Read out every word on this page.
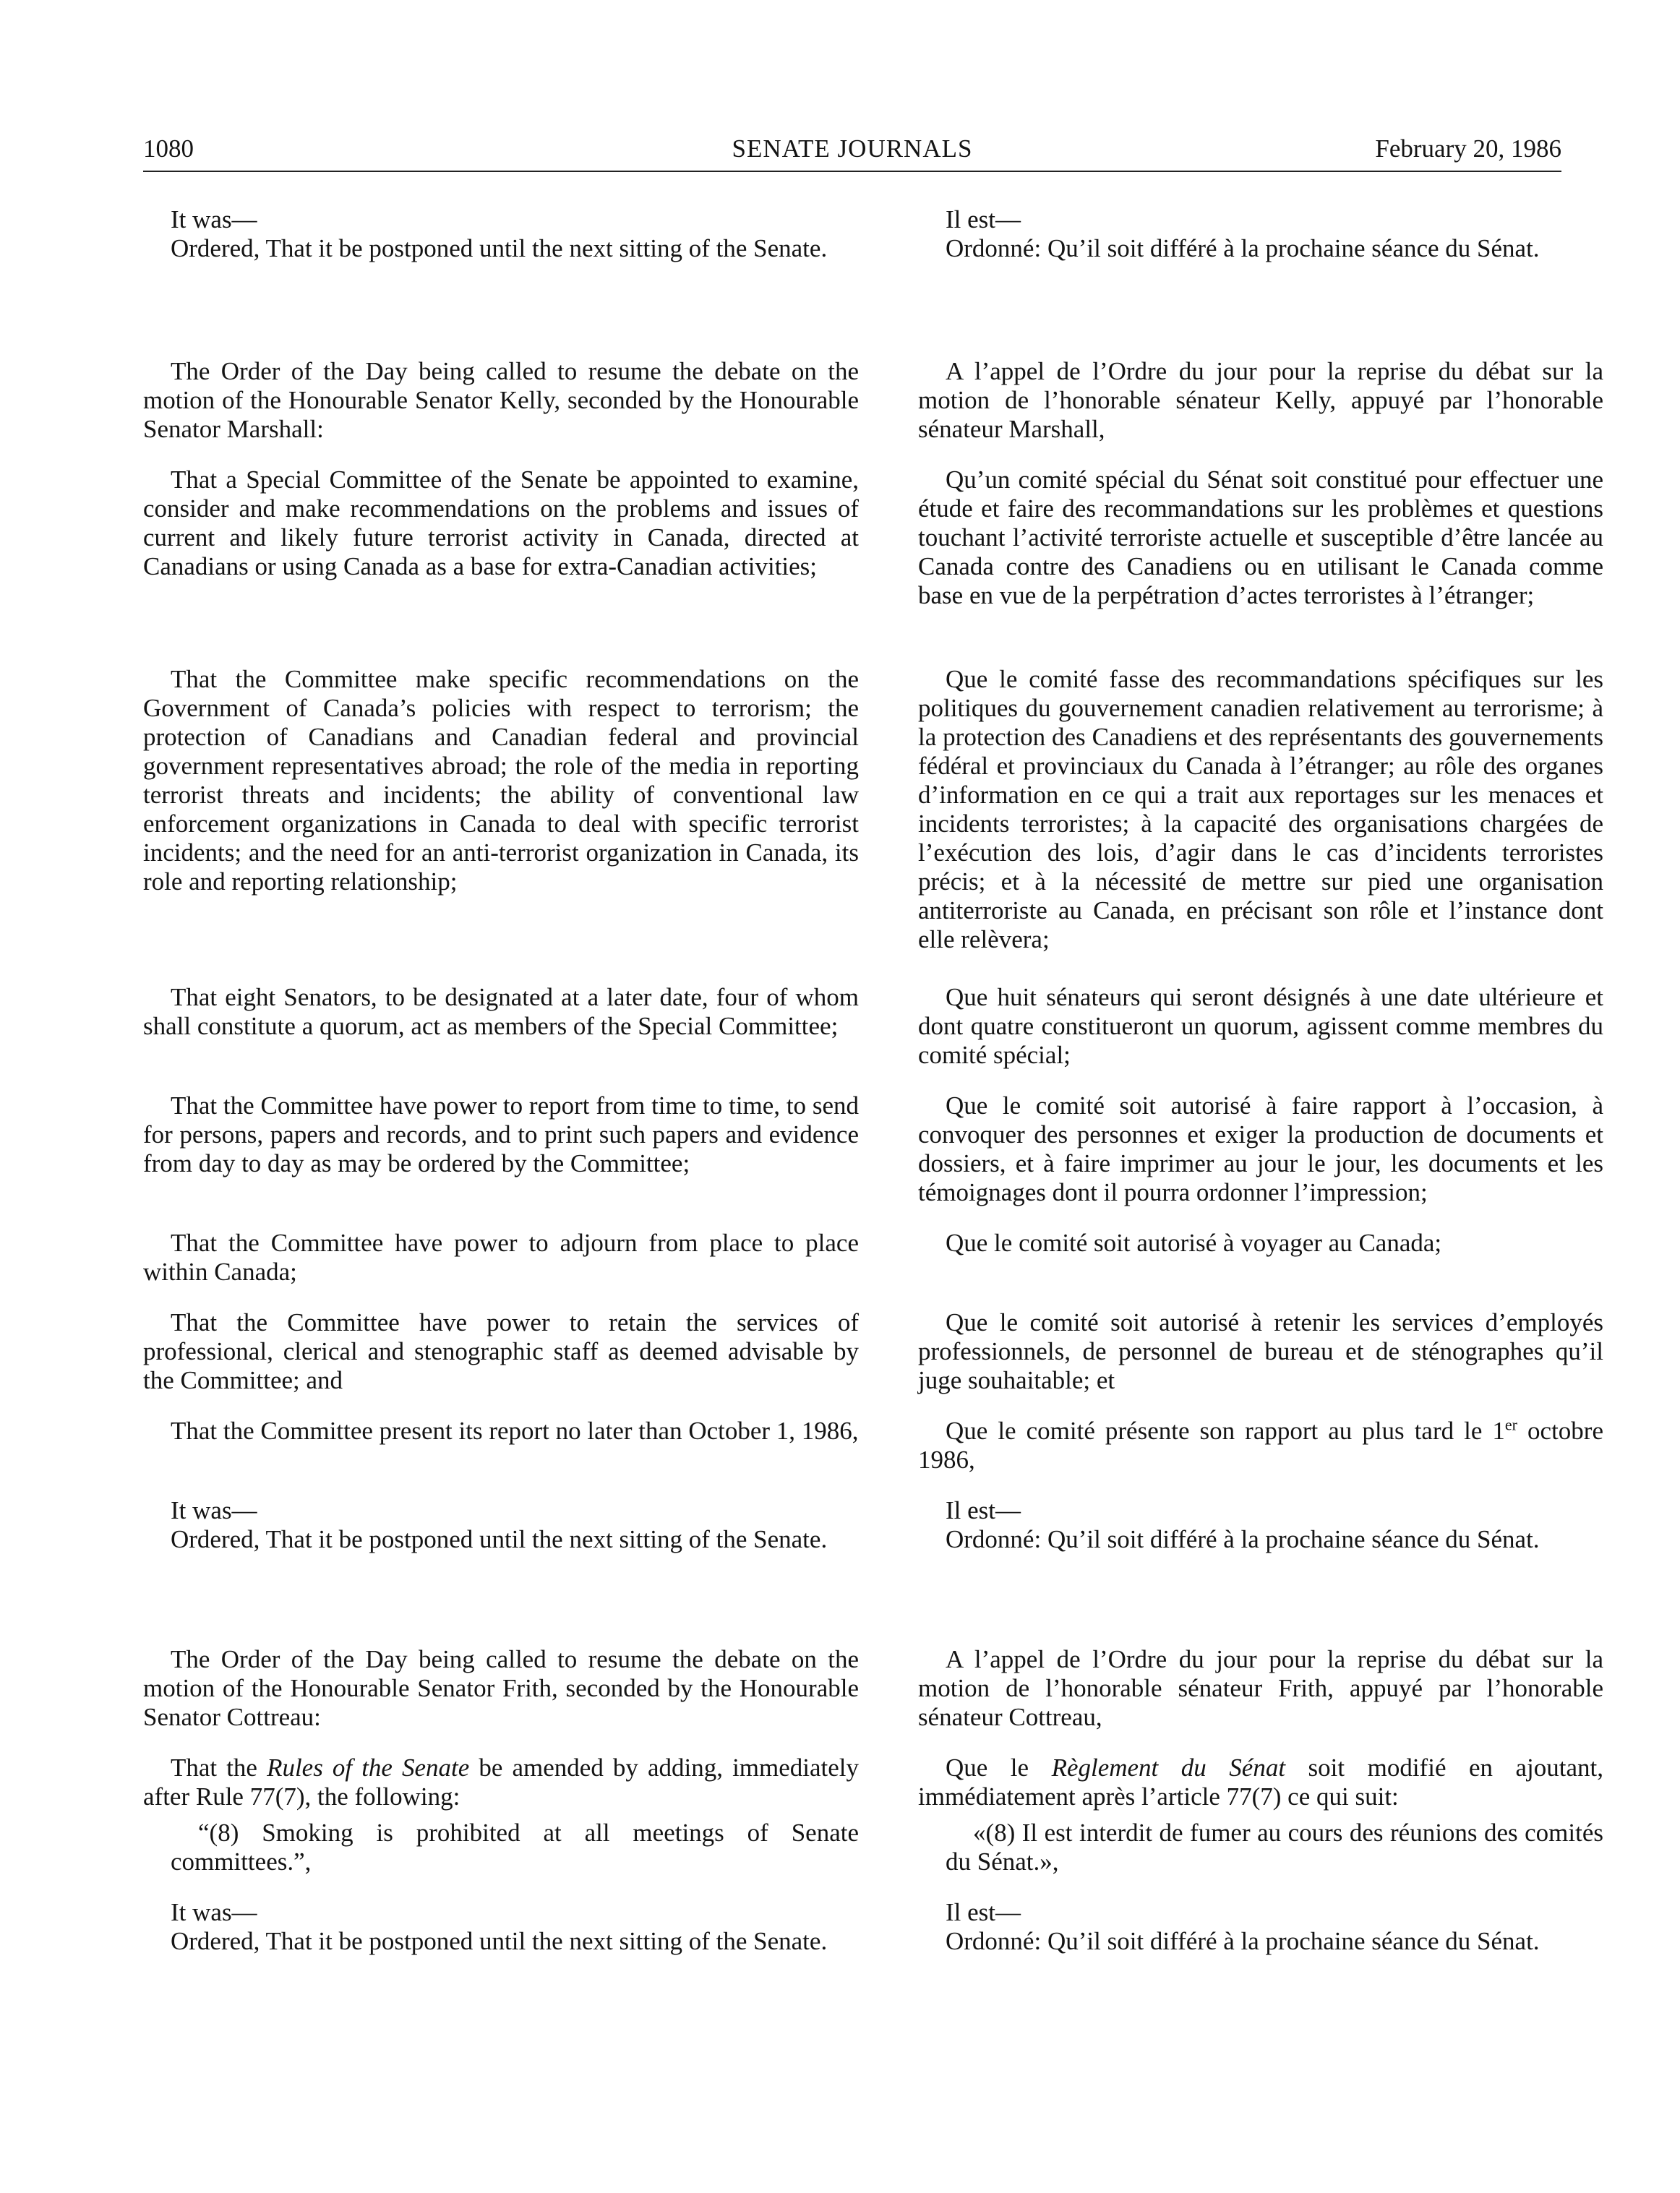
1080	SENATE JOURNALS	February 20, 1986

It was—

Ordered, That it be postponed until the next sitting of the Senate.

The Order of the Day being called to resume the debate on the motion of the Honourable Senator Kelly, seconded by the Honourable Senator Marshall:

That a Special Committee of the Senate be appointed to examine, consider and make recommendations on the problems and issues of current and likely future terrorist activity in Canada, directed at Canadians or using Canada as a base for extra-Canadian activities;

That the Committee make specific recommendations on the Government of Canada’s policies with respect to terrorism; the protection of Canadians and Canadian federal and provincial government representatives abroad; the role of the media in reporting terrorist threats and incidents; the ability of conventional law enforcement organizations in Canada to deal with specific terrorist incidents; and the need for an anti-terrorist organization in Canada, its role and reporting relationship;

That eight Senators, to be designated at a later date, four of whom shall constitute a quorum, act as members of the Special Committee;

That the Committee have power to report from time to time, to send for persons, papers and records, and to print such papers and evidence from day to day as may be ordered by the Committee;

That the Committee have power to adjourn from place to place within Canada;

That the Committee have power to retain the services of professional, clerical and stenographic staff as deemed advisable by the Committee; and

That the Committee present its report no later than October 1, 1986,

It was—

Ordered, That it be postponed until the next sitting of the Senate.

The Order of the Day being called to resume the debate on the motion of the Honourable Senator Frith, seconded by the Honourable Senator Cottreau:

That the Rules of the Senate be amended by adding, immediately after Rule 77(7), the following:

“(8) Smoking is prohibited at all meetings of Senate committees.”,

It was—

Ordered, That it be postponed until the next sitting of the Senate.

Il est—

Ordonné: Qu’il soit différé à la prochaine séance du Sénat.

A l’appel de l’Ordre du jour pour la reprise du débat sur la motion de l’honorable sénateur Kelly, appuyé par l’honorable sénateur Marshall,

Qu’un comité spécial du Sénat soit constitué pour effectuer une étude et faire des recommandations sur les problèmes et questions touchant l’activité terroriste actuelle et susceptible d’être lancée au Canada contre des Canadiens ou en utilisant le Canada comme base en vue de la perpétration d’actes terroristes à l’étranger;

Que le comité fasse des recommandations spécifiques sur les politiques du gouvernement canadien relativement au terrorisme; à la protection des Canadiens et des représentants des gouvernements fédéral et provinciaux du Canada à l’étranger; au rôle des organes d’information en ce qui a trait aux reportages sur les menaces et incidents terroristes; à la capacité des organisations chargées de l’exécution des lois, d’agir dans le cas d’incidents terroristes précis; et à la nécessité de mettre sur pied une organisation antiterroriste au Canada, en précisant son rôle et l’instance dont elle relèvera;

Que huit sénateurs qui seront désignés à une date ultérieure et dont quatre constitueront un quorum, agissent comme membres du comité spécial;

Que le comité soit autorisé à faire rapport à l’occasion, à convoquer des personnes et exiger la production de documents et dossiers, et à faire imprimer au jour le jour, les documents et les témoignages dont il pourra ordonner l’impression;

Que le comité soit autorisé à voyager au Canada;

Que le comité soit autorisé à retenir les services d’employés professionnels, de personnel de bureau et de sténographes qu’il juge souhaitable; et

Que le comité présente son rapport au plus tard le 1er octobre 1986,

Il est—

Ordonné: Qu’il soit différé à la prochaine séance du Sénat.

A l’appel de l’Ordre du jour pour la reprise du débat sur la motion de l’honorable sénateur Frith, appuyé par l’honorable sénateur Cottreau,

Que le Règlement du Sénat soit modifié en ajoutant, immédiatement après l’article 77(7) ce qui suit:

«(8) Il est interdit de fumer au cours des réunions des comités du Sénat.»,

Il est—

Ordonné: Qu’il soit différé à la prochaine séance du Sénat.
